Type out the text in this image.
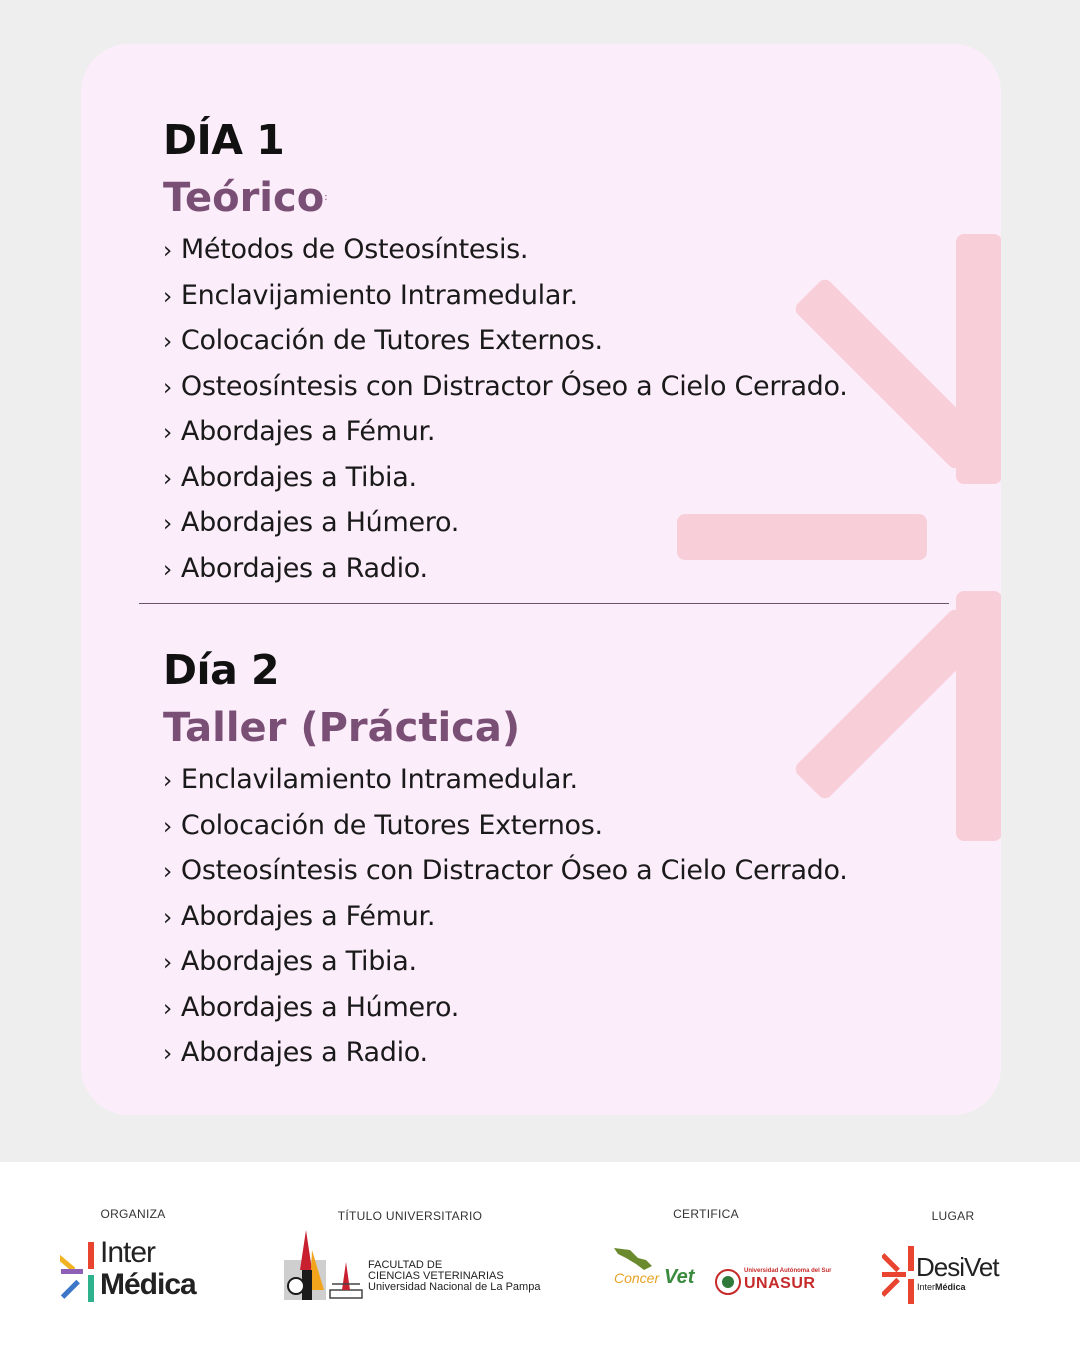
DÍA 1
Teórico:
› Métodos de Osteosíntesis.
› Enclavijamiento Intramedular.
› Colocación de Tutores Externos.
› Osteosíntesis con Distractor Óseo a Cielo Cerrado.
› Abordajes a Fémur.
› Abordajes a Tibia.
› Abordajes a Húmero.
› Abordajes a Radio.
Día 2
Taller (Práctica)
› Enclavilamiento Intramedular.
› Colocación de Tutores Externos.
› Osteosíntesis con Distractor Óseo a Cielo Cerrado.
› Abordajes a Fémur.
› Abordajes a Tibia.
› Abordajes a Húmero.
› Abordajes a Radio.
ORGANIZA
Inter
Médica
TÍTULO UNIVERSITARIO
FACULTAD DE
CIENCIAS VETERINARIAS
Universidad Nacional de La Pampa
CERTIFICA
Concer Vet	Universidad Autónoma del Sur
UNASUR
LUGAR
DesiVet
InterMédica
